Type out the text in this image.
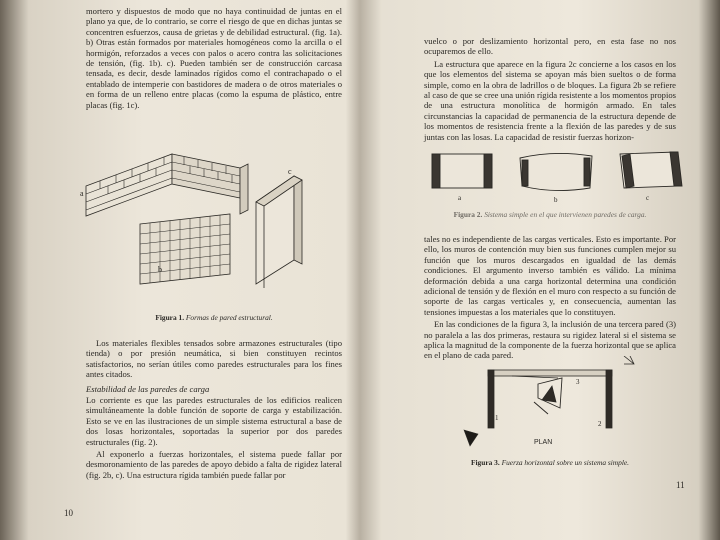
mortero y dispuestos de modo que no haya continuidad de juntas en el plano ya que, de lo contrario, se corre el riesgo de que en dichas juntas se concentren esfuerzos, causa de grietas y de debilidad estructural. (fig. 1a). b) Otras están formados por materiales homogéneos como la arcilla o el hormigón, reforzados a veces con palos o acero contra las solicitaciones de tensión, (fig. 1b). c). Pueden también ser de construcción carcasa tensada, es decir, desde laminados rígidos como el contrachapado o el entablado de intemperie con bastidores de madera o de otros materiales o en forma de un relleno entre placas (como la espuma de plástico, entre placas (fig. 1c).

a
b
c
Figura 1. Formas de pared estructural.

Los materiales flexibles tensados sobre armazones estructurales (tipo tienda) o por presión neumática, si bien constituyen recintos satisfactorios, no serían útiles como paredes estructurales para los fines antes citados.

Estabilidad de las paredes de carga

Lo corriente es que las paredes estructurales de los edificios realicen simultáneamente la doble función de soporte de carga y estabilización. Esto se ve en las ilustraciones de un simple sistema estructural a base de dos losas horizontales, soportadas la superior por dos paredes estructurales (fig. 2).

Al exponerlo a fuerzas horizontales, el sistema puede fallar por desmoronamiento de las paredes de apoyo debido a falta de rigidez lateral (fig. 2b, c). Una estructura rígida también puede fallar por

10

vuelco o por deslizamiento horizontal pero, en esta fase no nos ocuparemos de ello.

La estructura que aparece en la figura 2c concierne a los casos en los que los elementos del sistema se apoyan más bien sueltos o de forma simple, como en la obra de ladrillos o de bloques. La figura 2b se refiere al caso de que se cree una unión rígida resistente a los momentos propios de una estructura monolítica de hormigón armado. En tales circunstancias la capacidad de permanencia de la estructura depende de los momentos de resistencia frente a la flexión de las paredes y de sus juntas con las losas. La capacidad de resistir fuerzas horizon-

a	b	c
Figura 2. Sistema simple en el que intervienen paredes de carga.

tales no es independiente de las cargas verticales. Esto es importante. Por ello, los muros de contención muy bien sus funciones cumplen mejor su función que los muros descargados en igualdad de las demás condiciones. El argumento inverso también es válido. La mínima deformación debida a una carga horizontal determina una condición adicional de tensión y de flexión en el muro con respecto a su función de soporte de las cargas verticales y, en consecuencia, aumentan las tensiones impuestas a los materiales que lo constituyen.

En las condiciones de la figura 3, la inclusión de una tercera pared (3) no paralela a las dos primeras, restaura su rigidez lateral si el sistema se aplica la magnitud de la componente de la fuerza horizontal que se aplica en el plano de cada pared.

1
2
3
PLAN
Figura 3. Fuerza horizontal sobre un sistema simple.
11
